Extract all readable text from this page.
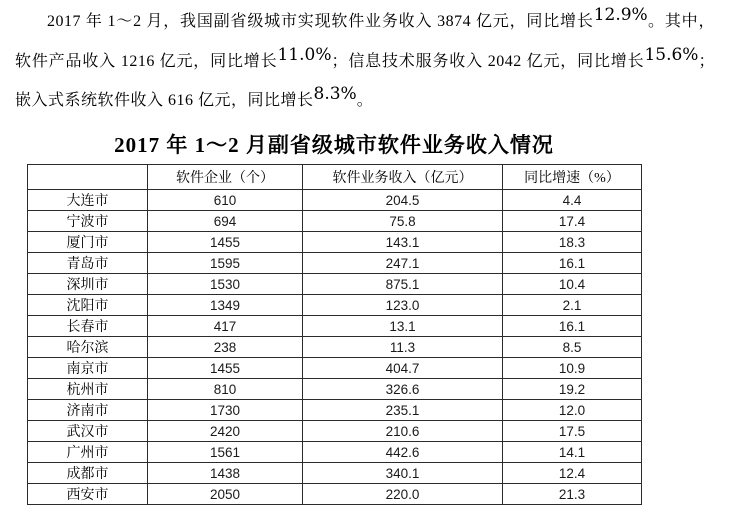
2017 年 1～2 月，我国副省级城市实现软件业务收入 3874 亿元，同比增长12.9%。其中，软件产品收入 1216 亿元，同比增长11.0%；信息技术服务收入 2042 亿元，同比增长15.6%；嵌入式系统软件收入 616 亿元，同比增长8.3%。

2017 年 1～2 月副省级城市软件业务收入情况
	软件企业（个）	软件业务收入（亿元）	同比增速（%）
大连市	610	204.5	4.4
宁波市	694	75.8	17.4
厦门市	1455	143.1	18.3
青岛市	1595	247.1	16.1
深圳市	1530	875.1	10.4
沈阳市	1349	123.0	2.1
长春市	417	13.1	16.1
哈尔滨	238	11.3	8.5
南京市	1455	404.7	10.9
杭州市	810	326.6	19.2
济南市	1730	235.1	12.0
武汉市	2420	210.6	17.5
广州市	1561	442.6	14.1
成都市	1438	340.1	12.4
西安市	2050	220.0	21.3
